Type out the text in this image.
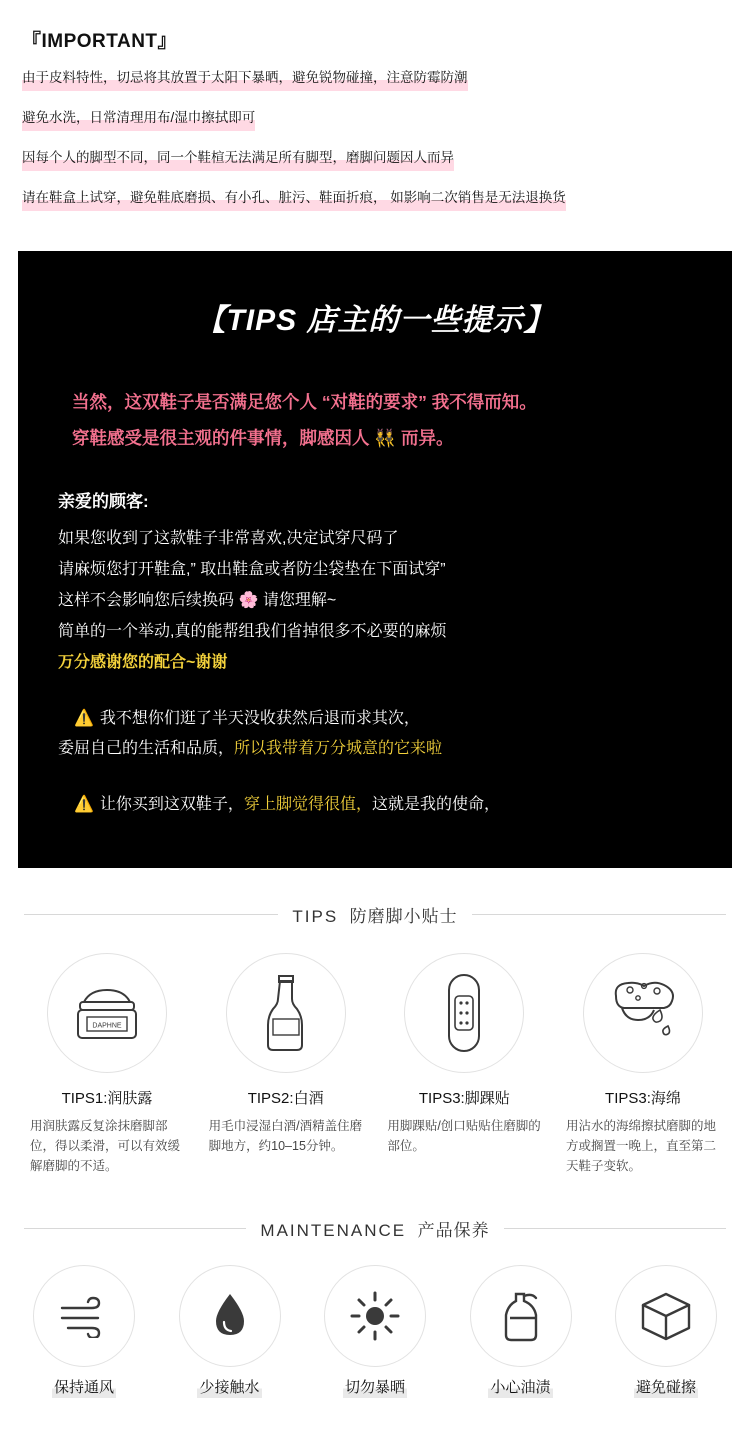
『IMPORTANT』
由于皮料特性，切忌将其放置于太阳下暴晒，避免锐物碰撞，注意防霉防潮
避免水洗，日常清理用布/湿巾擦拭即可
因每个人的脚型不同，同一个鞋楦无法满足所有脚型，磨脚问题因人而异
请在鞋盒上试穿，避免鞋底磨损、有小孔、脏污、鞋面折痕， 如影响二次销售是无法退换货
【TIPS 店主的一些提示】

当然，这双鞋子是否满足您个人 “对鞋的要求” 我不得而知。

穿鞋感受是很主观的件事情，脚感因人 👯 而异。

亲爱的顾客:

如果您收到了这款鞋子非常喜欢,决定试穿尺码了

请麻烦您打开鞋盒,” 取出鞋盒或者防尘袋垫在下面试穿”

这样不会影响您后续换码 🌸 请您理解~

简单的一个举动,真的能帮组我们省掉很多不必要的麻烦

万分感谢您的配合~谢谢

⚠️ 我不想你们逛了半天没收获然后退而求其次，

委屈自己的生活和品质，所以我带着万分城意的它来啦

⚠️ 让你买到这双鞋子，穿上脚觉得很值，这就是我的使命，

TIPS 防磨脚小贴士
DAPHNE

TIPS1:润肤露

用润肤露反复涂抹磨脚部位，得以柔滑，可以有效缓解磨脚的不适。

TIPS2:白酒

用毛巾浸湿白酒/酒精盖住磨脚地方，约10–15分钟。

TIPS3:脚踝贴

用脚踝贴/创口贴贴住磨脚的部位。

TIPS3:海绵

用沾水的海绵擦拭磨脚的地方或搁置一晚上，直至第二天鞋子变软。

MAINTENANCE 产品保养
保持通风	少接触水	切勿暴晒	小心油渍	避免碰擦
